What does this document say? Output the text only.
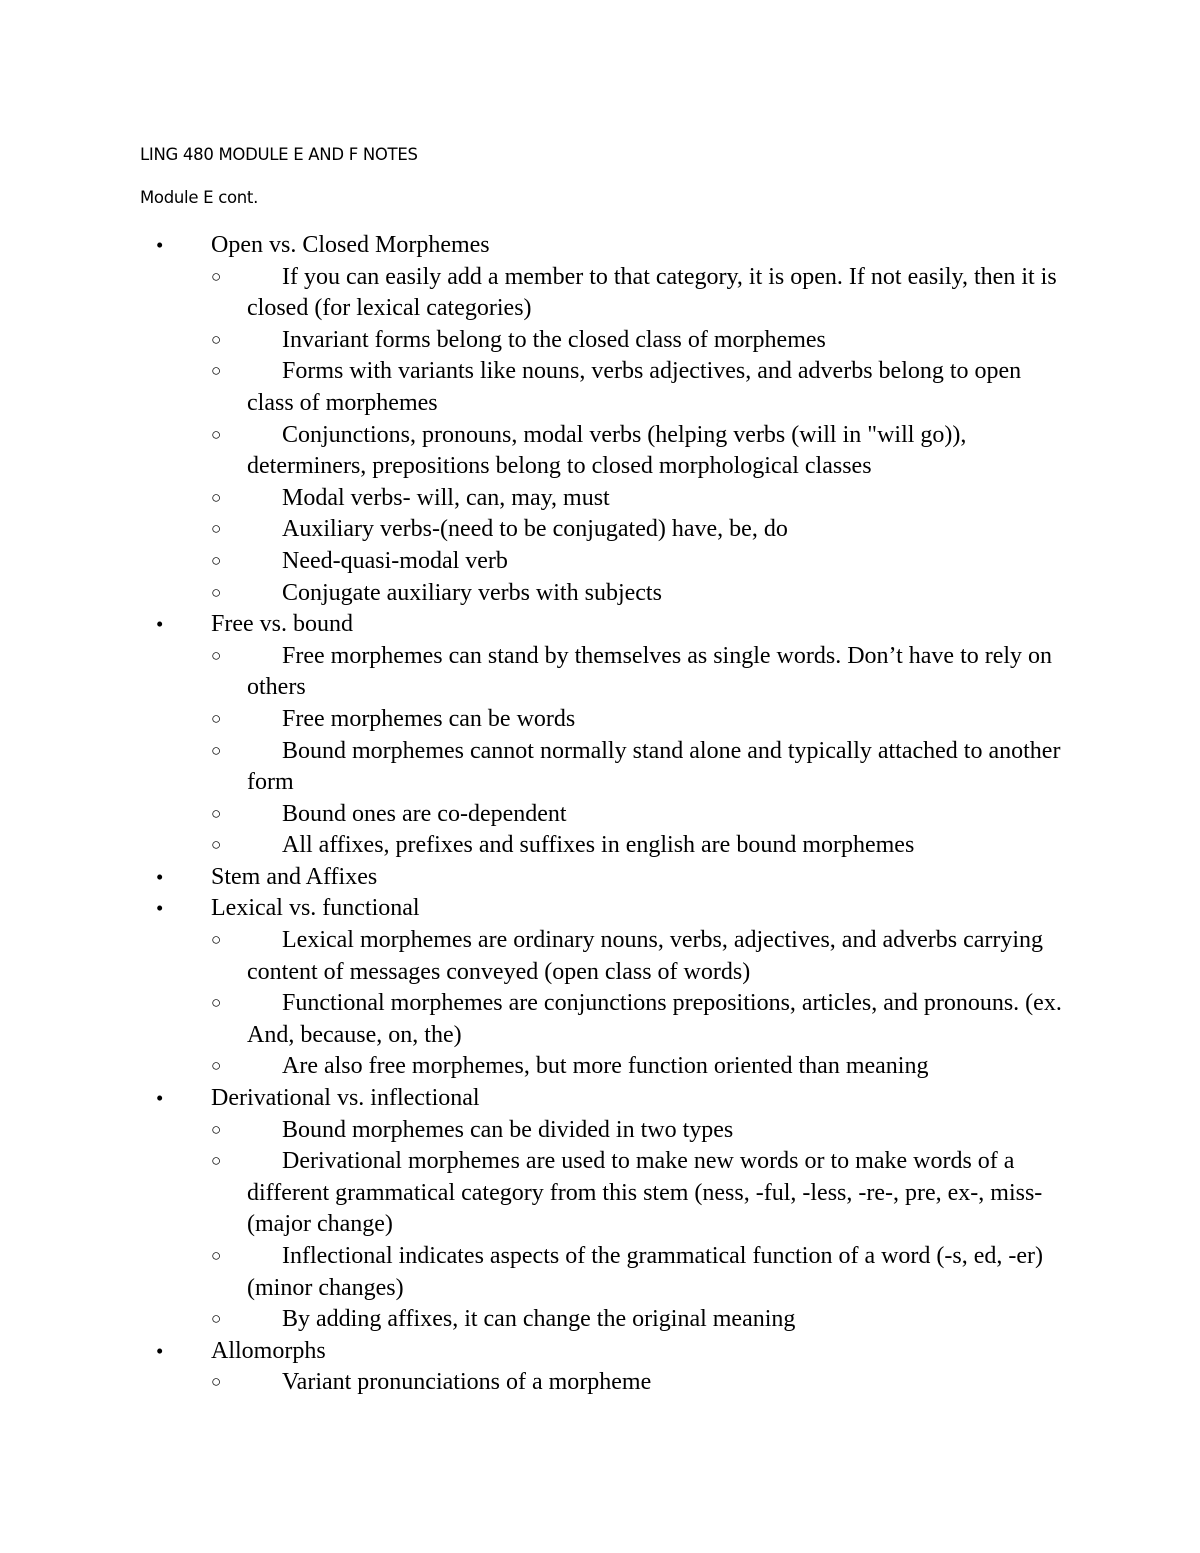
LING 480 MODULE E AND F NOTES
Module E cont.
• Open vs. Closed Morphemes
○	If you can easily add a member to that category, it is open. If not easily, then it is closed (for lexical categories)
○	Invariant forms belong to the closed class of morphemes
○	Forms with variants like nouns, verbs adjectives, and adverbs belong to open class of morphemes
○	Conjunctions, pronouns, modal verbs (helping verbs (will in "will go)), determiners, prepositions belong to closed morphological classes
○	Modal verbs- will, can, may, must
○	Auxiliary verbs-(need to be conjugated) have, be, do
○	Need-quasi-modal verb
○	Conjugate auxiliary verbs with subjects
• Free vs. bound
○	Free morphemes can stand by themselves as single words. Don’t have to rely on others
○	Free morphemes can be words
○	Bound morphemes cannot normally stand alone and typically attached to another form
○	Bound ones are co-dependent
○	All affixes, prefixes and suffixes in english are bound morphemes
• Stem and Affixes
• Lexical vs. functional
○	Lexical morphemes are ordinary nouns, verbs, adjectives, and adverbs carrying content of messages conveyed (open class of words)
○	Functional morphemes are conjunctions prepositions, articles, and pronouns. (ex. And, because, on, the)
○	Are also free morphemes, but more function oriented than meaning
• Derivational vs. inflectional
○	Bound morphemes can be divided in two types
○	Derivational morphemes are used to make new words or to make words of a different grammatical category from this stem (ness, -ful, -less, -re-, pre, ex-, miss- (major change)
○	Inflectional indicates aspects of the grammatical function of a word (-s, ed, -er) (minor changes)
○	By adding affixes, it can change the original meaning
• Allomorphs
○	Variant pronunciations of a morpheme
